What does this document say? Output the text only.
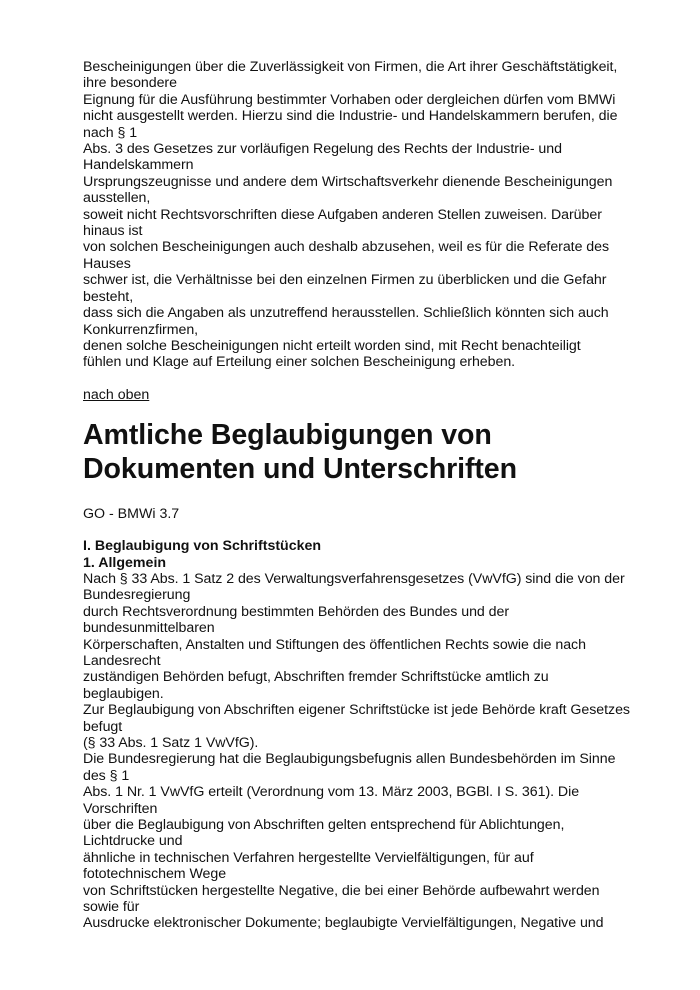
Bescheinigungen über die Zuverlässigkeit von Firmen, die Art ihrer Geschäftstätigkeit,
ihre besondere
Eignung für die Ausführung bestimmter Vorhaben oder dergleichen dürfen vom BMWi
nicht ausgestellt werden. Hierzu sind die Industrie- und Handelskammern berufen, die
nach § 1
Abs. 3 des Gesetzes zur vorläufigen Regelung des Rechts der Industrie- und
Handelskammern
Ursprungszeugnisse und andere dem Wirtschaftsverkehr dienende Bescheinigungen
ausstellen,
soweit nicht Rechtsvorschriften diese Aufgaben anderen Stellen zuweisen. Darüber
hinaus ist
von solchen Bescheinigungen auch deshalb abzusehen, weil es für die Referate des
Hauses
schwer ist, die Verhältnisse bei den einzelnen Firmen zu überblicken und die Gefahr
besteht,
dass sich die Angaben als unzutreffend herausstellen. Schließlich könnten sich auch
Konkurrenzfirmen,
denen solche Bescheinigungen nicht erteilt worden sind, mit Recht benachteiligt
fühlen und Klage auf Erteilung einer solchen Bescheinigung erheben.
nach oben
Amtliche Beglaubigungen von
Dokumenten und Unterschriften
GO - BMWi 3.7
I. Beglaubigung von Schriftstücken
1. Allgemein
Nach § 33 Abs. 1 Satz 2 des Verwaltungsverfahrensgesetzes (VwVfG) sind die von der
Bundesregierung
durch Rechtsverordnung bestimmten Behörden des Bundes und der
bundesunmittelbaren
Körperschaften, Anstalten und Stiftungen des öffentlichen Rechts sowie die nach
Landesrecht
zuständigen Behörden befugt, Abschriften fremder Schriftstücke amtlich zu
beglaubigen.
Zur Beglaubigung von Abschriften eigener Schriftstücke ist jede Behörde kraft Gesetzes
befugt
(§ 33 Abs. 1 Satz 1 VwVfG).
Die Bundesregierung hat die Beglaubigungsbefugnis allen Bundesbehörden im Sinne
des § 1
Abs. 1 Nr. 1 VwVfG erteilt (Verordnung vom 13. März 2003, BGBl. I S. 361). Die
Vorschriften
über die Beglaubigung von Abschriften gelten entsprechend für Ablichtungen,
Lichtdrucke und
ähnliche in technischen Verfahren hergestellte Vervielfältigungen, für auf
fototechnischem Wege
von Schriftstücken hergestellte Negative, die bei einer Behörde aufbewahrt werden
sowie für
Ausdrucke elektronischer Dokumente; beglaubigte Vervielfältigungen, Negative und
